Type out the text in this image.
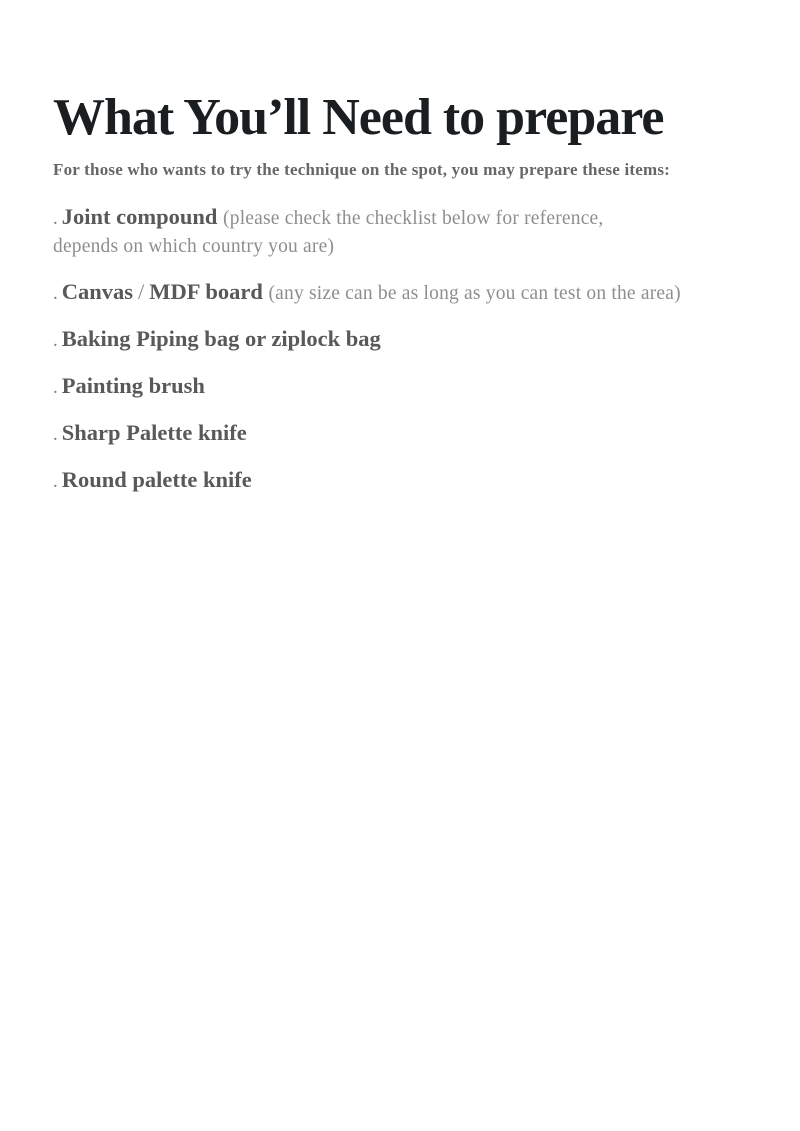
What You’ll Need to prepare

For those who wants to try the technique on the spot, you may prepare these items:

. Joint compound (please check the checklist below for reference,
depends on which country you are)
. Canvas / MDF board (any size can be as long as you can test on the area)
. Baking Piping bag or ziplock bag
. Painting brush
. Sharp Palette knife
. Round palette knife
